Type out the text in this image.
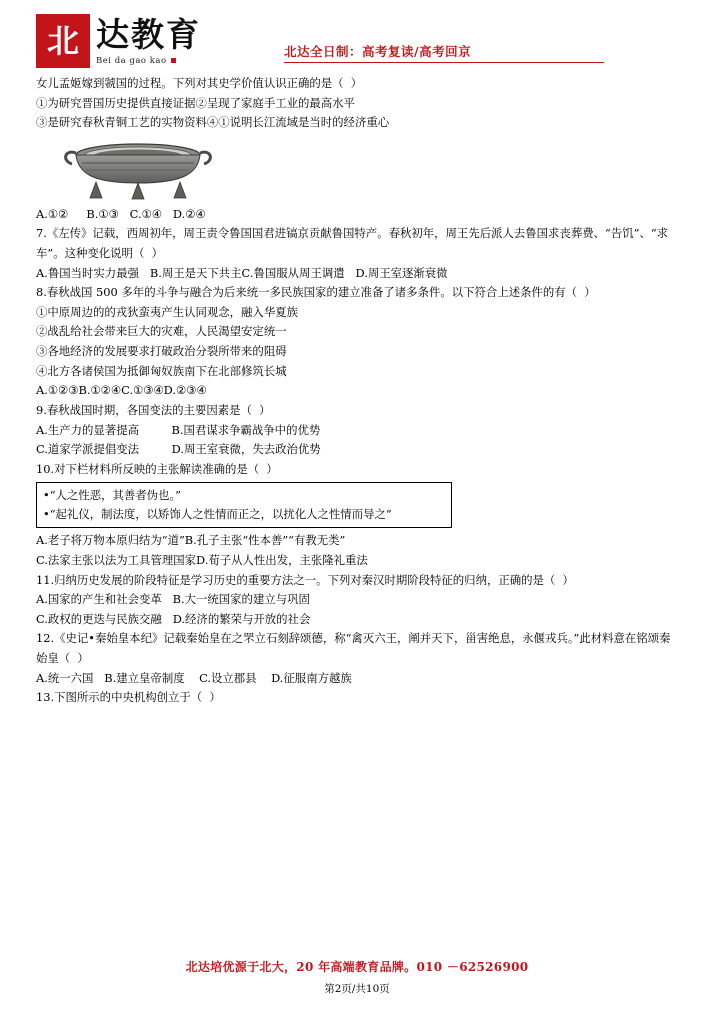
北 达教育
Bei da gao kao
北达全日制：高考复读/高考回京
女儿孟姬嫁到虢国的过程。下列对其史学价值认识正确的是（  ）
①为研究晋国历史提供直接证据②呈现了家庭手工业的最高水平
③是研究春秋青铜工艺的实物资料④①说明长江流域是当时的经济重心
A.①②     B.①③   C.①④   D.②④
7.《左传》记载，西周初年，周王责令鲁国国君进镐京贡献鲁国特产。春秋初年，周王先后派人去鲁国求丧葬费、“告饥”、“求车”。这种变化说明（  ）
A.鲁国当时实力最强   B.周王是天下共主C.鲁国服从周王调遣   D.周王室逐渐衰微
8.春秋战国 500 多年的斗争与融合为后来统一多民族国家的建立准备了诸多条件。以下符合上述条件的有（  ）
①中原周边的的戎狄蛮夷产生认同观念，融入华夏族
②战乱给社会带来巨大的灾难，人民渴望安定统一
③各地经济的发展要求打破政治分裂所带来的阻碍
④北方各诸侯国为抵御匈奴族南下在北部修筑长城
A.①②③B.①②④C.①③④D.②③④
9.春秋战国时期，各国变法的主要因素是（  ）
A.生产力的显著提高         B.国君谋求争霸战争中的优势
C.道家学派提倡变法         D.周王室衰微，失去政治优势
10.对下栏材料所反映的主张解读准确的是（  ）
•“人之性恶，其善者伪也。”
•“起礼仪，制法度，以矫饰人之性情而正之，以扰化人之性情而导之”
A.老子将万物本原归结为“道”B.孔子主张“性本善”“有教无类”
C.法家主张以法为工具管理国家D.荀子从人性出发，主张隆礼重法
11.归纳历史发展的阶段特征是学习历史的重要方法之一。下列对秦汉时期阶段特征的归纳，正确的是（  ）
A.国家的产生和社会变革   B.大一统国家的建立与巩固
C.政权的更迭与民族交融   D.经济的繁荣与开放的社会
12.《史记•秦始皇本纪》记载秦始皇在之罘立石刻辞颂德，称“禽灭六王，阐并天下，甾害绝息，永偃戎兵。”此材料意在铭颂秦始皇（  ）
A.统一六国   B.建立皇帝制度    C.设立郡县    D.征服南方越族
13.下图所示的中央机构创立于（  ）
北达培优源于北大，20 年高端教育品牌。010 －62526900
第2页/共10页
